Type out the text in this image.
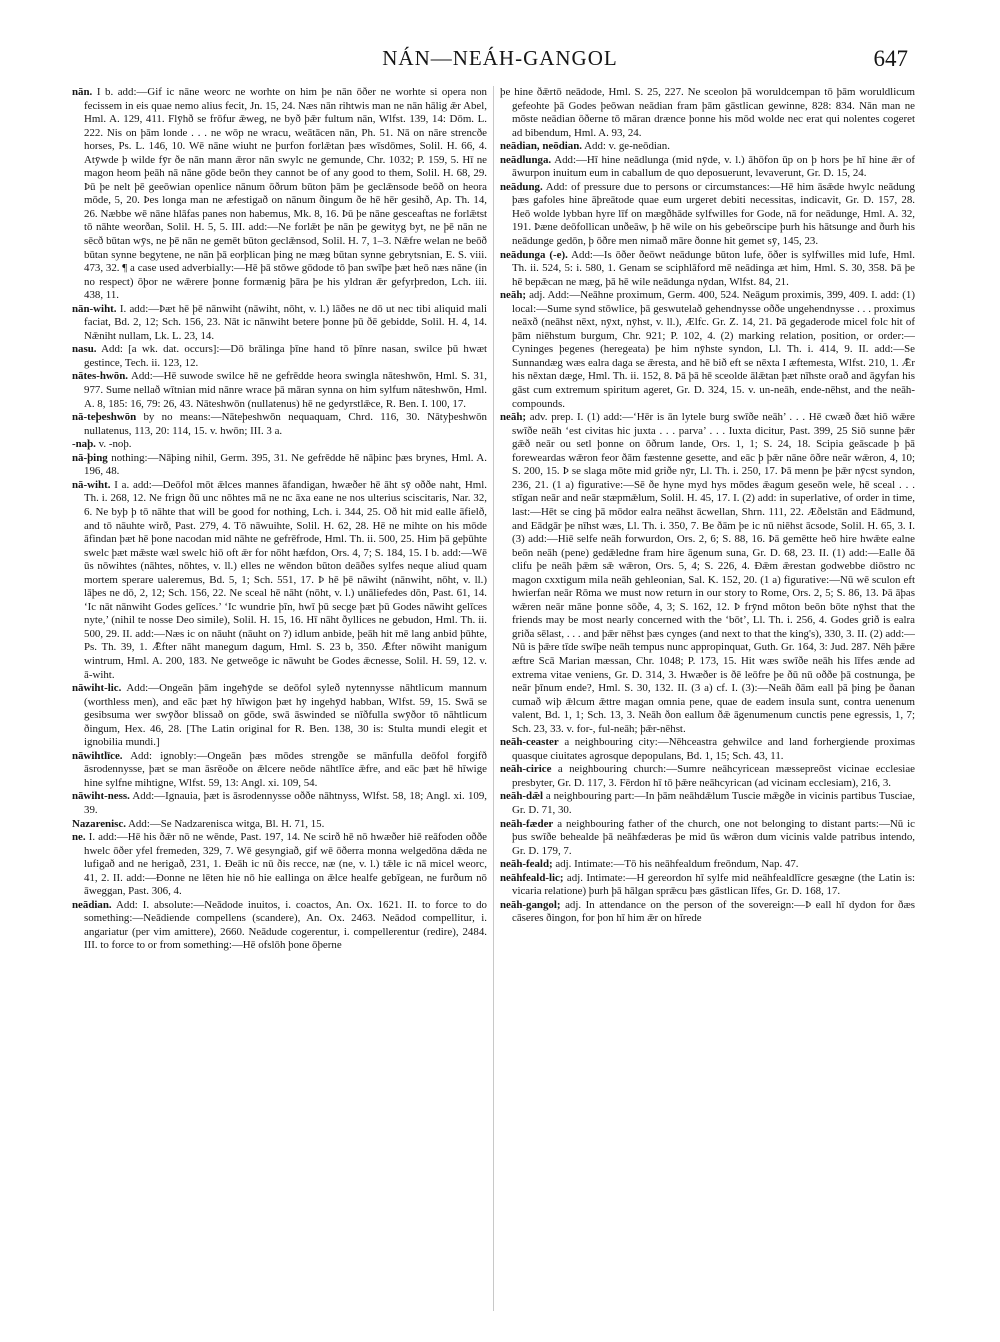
NÁN—NEÁH-GANGOL	647
nān. I b. add:—Gif ic nāne weorc ne worhte on him þe nān ōðer ne worhte si opera non fecissem in eis quae nemo alius fecit, Jn. 15, 24. Næs nān rihtwis man ne nān hālig ǣr Abel, Hml. A. 129, 411. Flȳhð se frōfur ǣweg, ne byð þǣr fultum nān, Wlfst. 139, 14: Dōm. L. 222. Nis on þām londe . . . ne wōp ne wracu, weātācen nān, Ph. 51. Nā on nāre strencðe horses, Ps. L. 146, 10. Wē nāne wiuht ne þurfon forlǣtan þæs wīsdōmes, Solil. H. 66, 4. Atȳwde þ wilde fȳr ðe nān mann ǣror nān swylc ne gemunde, Chr. 1032; P. 159, 5. Hī ne magon heom þeāh nā nāne gōde beōn they cannot be of any good to them, Solil. H. 68, 29. Þū þe nelt þē geeōwian openlice nānum ōðrum būton þām þe geclǣnsode beōð on heora mōde, 5, 20. Þes longa man ne æfestigað on nānum ðingum ðe hē hēr gesihð, Ap. Th. 14, 26. Næbbe wē nāne hlāfas panes non habemus, Mk. 8, 16. Þū þe nāne gesceaftas ne forlǣtst tō nāhte weorðan, Solil. H. 5, 5. III. add:—Ne forlǣt þe nān þe gewityg byt, ne þē nān ne sēcð būtan wȳs, ne þē nān ne gemēt būton geclǣnsod, Solil. H. 7, 1–3. Nǣfre welan ne beōð būtan synne begytene, ne nān þā eorþlican þing ne mæg būtan synne gebrytsnian, E. S. viii. 473, 32. ¶ a case used adverbially:—Hē þā stōwe gōdode tō þan swīþe þæt heō næs nāne (in no respect) ōþor ne wǣrere þonne formænig þāra þe his yldran ǣr gefyrþredon, Lch. iii. 438, 11.
nān-wiht. I. add:—Þæt hē þē nānwiht (nāwiht, nōht, v. l.) lāðes ne dō ut nec tibi aliquid mali faciat, Bd. 2, 12; Sch. 156, 23. Nāt ic nānwiht betere þonne þū ðē gebidde, Solil. H. 4, 14. Nǣniht nullam, Lk. L. 23, 14.
nasu. Add: [a wk. dat. occurs]:—Dō brālinga þīne hand tō þīnre nasan, swilce þū hwæt gestince, Tech. ii. 123, 12.
nātes-hwōn. Add:—Hē suwode swilce hē ne gefrēdde heora swingla nāteshwōn, Hml. S. 31, 977. Sume nellað wītnian mid nānre wrace þā māran synna on him sylfum nāteshwōn, Hml. A. 8, 185: 16, 79: 26, 43. Nāteshwōn (nullatenus) hē ne gedyrstlǣce, R. Ben. I. 100, 17.
nā-teþeshwōn by no means:—Nāteþeshwōn nequaquam, Chrd. 116, 30. Nātyþeshwōn nullatenus, 113, 20: 114, 15. v. hwōn; III. 3 a.
-naþ. v. -noþ.
nā-þing nothing:—Nāþing nihil, Germ. 395, 31. Ne gefrēdde hē nāþinc þæs brynes, Hml. A. 196, 48.
nā-wiht. I a. add:—Deōfol mōt ǣlces mannes āfandigan, hwæðer hē āht sȳ oððe naht, Hml. Th. i. 268, 12. Ne frign ðū unc nōhtes mā ne nc āxa eane ne nos ulterius sciscitaris, Nar. 32, 6. Ne byþ þ tō nāhte that will be good for nothing, Lch. i. 344, 25. Oð hit mid ealle āfielð, and tō nāuhte wirð, Past. 279, 4. Tō nāwuihte, Solil. H. 62, 28. Hē ne mihte on his mōde āfindan þæt hē þone nacodan mid nāhte ne gefrēfrode, Hml. Th. ii. 500, 25. Him þā geþūhte swelc þæt mǣste wæl swelc hiō oft ǣr for nōht hæfdon, Ors. 4, 7; S. 184, 15. I b. add:—Wē ūs nōwihtes (nāhtes, nōhtes, v. ll.) elles ne wēndon būton deāðes sylfes neque aliud quam mortem sperare ualeremus, Bd. 5, 1; Sch. 551, 17. Þ hē þē nāwiht (nānwiht, nōht, v. ll.) lāþes ne dō, 2, 12; Sch. 156, 22. Ne sceal hē nāht (nōht, v. l.) unāliefedes dōn, Past. 61, 14. ‘Ic nāt nānwiht Godes gelīces.’ ‘Ic wundrie þīn, hwī þū secge þæt þū Godes nāwiht gelīces nyte,’ (nihil te nosse Deo simile), Solil. H. 15, 16. Hī nāht ðyllices ne gebudon, Hml. Th. ii. 500, 29. II. add:—Næs ic on nāuht (nāuht on ?) idlum anbide, þeāh hit mē lang anbid þūhte, Ps. Th. 39, 1. Ǣfter nāht manegum dagum, Hml. S. 23 b, 350. Ǣfter nōwiht manigum wintrum, Hml. A. 200, 183. Ne getweōge ic nāwuht be Godes ǣcnesse, Solil. H. 59, 12. v. ā-wiht.
nāwiht-lic. Add:—Ongeān þām ingeħȳde se deōfol syleð nytennysse nāhtlicum mannum (worthless men), and eāc þæt hȳ hīwigon þæt hȳ ingehȳd habban, Wlfst. 59, 15. Swā se gesibsuma wer swȳðor blissað on gōde, swā āswinded se nīðfulla swȳðor tō nāhtlicum ðingum, Hex. 46, 28. [The Latin original for R. Ben. 138, 30 is: Stulta mundi elegit et ignobilia mundi.]
nāwihtlīce. Add: ignobly:—Ongeān þæs mōdes strengðe se mānfulla deōfol forgifð āsrodennysse, þæt se man āsrēoðe on ǣlcere neōde nāhtlīce ǣfre, and eāc þæt hē hīwige hine sylfne mihtigne, Wlfst. 59, 13: Angl. xi. 109, 54.
nāwiht-ness. Add:—Ignauia, þæt is āsrodennysse oððe nāhtnyss, Wlfst. 58, 18; Angl. xi. 109, 39.
Nazarenisc. Add:—Se Nadzarenisca witga, Bl. H. 71, 15.
ne. I. add:—Hē his ðǣr nō ne wēnde, Past. 197, 14. Ne scirð hē nō hwæðer hiē reāfoden oððe hwelc ōðer yfel fremeden, 329, 7. Wē gesyngiað, gif wē ōðerra monna welgedōna dǣda ne lufigað and ne herigað, 231, 1. Ðeāh ic nū ðis recce, næ (ne, v. l.) tǣle ic nā micel weorc, 41, 2. II. add:—Ðonne ne lēten hie nō hie eallinga on ǣlce healfe gebīgean, ne furðum nō āweggan, Past. 306, 4.
neādian. Add: I. absolute:—Neādode inuitos, i. coactos, An. Ox. 1621. II. to force to do something:—Neādiende compellens (scandere), An. Ox. 2463. Neādod compellitur, i. angariatur (per vim amittere), 2660. Neādude cogerentur, i. compellerentur (redire), 2484. III. to force to or from something:—Hē ofslōh þone ōþerne
þe hine ðǣrtō neādode, Hml. S. 25, 227. Ne sceolon þā woruldcempan tō þām woruldlicum gefeohte þā Godes þeōwan neādian fram þām gāstlican gewinne, 828: 834. Nān man ne mōste neādian ōðerne tō māran drænce þonne his mōd wolde nec erat qui nolentes cogeret ad bibendum, Hml. A. 93, 24.
neādian, neōdian. Add: v. ge-neōdian.
neādlunga. Add:—Hī hine neādlunga (mid nȳde, v. l.) āhōfon ūp on þ hors þe hī hine ǣr of āwurpon inuitum eum in caballum de quo deposuerunt, levaverunt, Gr. D. 15, 24.
neādung. Add: of pressure due to persons or circumstances:—Hē him āsǣde hwylc neādung þæs gafoles hine āþreātode quae eum urgeret debiti necessitas, indicavit, Gr. D. 157, 28. Heō wolde lybban hyre līf on mægðhāde sylfwilles for Gode, nā for neādunge, Hml. A. 32, 191. Þæne deōfollican unðeāw, þ hē wile on his gebeōrscipe þurh his hātsunge and ðurh his neādunge gedōn, þ ōðre men nimað māre ðonne hit gemet sȳ, 145, 23.
neādunga (-e). Add:—Is ōðer ðeōwt neādunge būton lufe, ōðer is sylfwilles mid lufe, Hml. Th. ii. 524, 5: i. 580, 1. Genam se sciphlāford mē neādinga æt him, Hml. S. 30, 358. Þā þe hē bepǣcan ne mæg, þā hē wile neādunga nȳdan, Wlfst. 84, 21.
neāh; adj. Add:—Neāhne proximum, Germ. 400, 524. Neāgum proximis, 399, 409. I. add: (1) local:—Sume synd stōwlice, þā geswutelað gehendnysse oððe ungehendnysse . . . proximus neāxð (neāhst nēxt, nȳxt, nȳhst, v. ll.), Ælfc. Gr. Z. 14, 21. Þā gegaderode micel folc hit of þām niēhstum burgum, Chr. 921; P. 102, 4. (2) marking relation, position, or order:—Cyninges þegenes (heregeata) þe him nȳhste syndon, Ll. Th. i. 414, 9. II. add:—Se Sunnandæg wæs ealra daga se ǣresta, and hē bið eft se nēxta I æftemesta, Wlfst. 210, 1. Ǣr his nēxtan dæge, Hml. Th. ii. 152, 8. Þā þā hē sceolde ālǣtan þæt nīhste orað and āgyfan his gāst cum extremum spiritum ageret, Gr. D. 324, 15. v. un-neāh, ende-nēhst, and the neāh- compounds.
neāh; adv. prep. I. (1) add:—‘Hēr is ān lytele burg swīðe neāh’ . . . Hē cwæð ðæt hiō wǣre swīðe neāh ‘est civitas hic juxta . . . parva’ . . . Iuxta dicitur, Past. 399, 25 Siō sunne þǣr gǣð neār ou setl þonne on ōðrum lande, Ors. 1, 1; S. 24, 18. Scipia geāscade þ þā foreweardas wǣron feor ðām fæstenne gesette, and eāc þ þǣr nāne ōðre neār wǣron, 4, 10; S. 200, 15. Þ se slaga mōte mid griðe nȳr, Ll. Th. i. 250, 17. Þā menn þe þǣr nȳcst syndon, 236, 21. (1 a) figurative:—Sē ðe hyne myd hys mōdes ǣagum geseōn wele, hē sceal . . . stīgan neār and neār stæpmǣlum, Solil. H. 45, 17. I. (2) add: in superlative, of order in time, last:—Hēt se cing þā mōdor ealra neāhst ācwellan, Shrn. 111, 22. Æðelstān and Eādmund, and Eādgār þe nīhst wæs, Ll. Th. i. 350, 7. Be ðām þe ic nū niēhst ācsode, Solil. H. 65, 3. I. (3) add:—Hiē selfe neāh forwurdon, Ors. 2, 6; S. 88, 16. Þā gemētte heō hire hwǣte ealne beōn neāh (pene) gedǣledne fram hire āgenum suna, Gr. D. 68, 23. II. (1) add:—Ealle ðā clifu þe neāh þǣm sǣ wǣron, Ors. 5, 4; S. 226, 4. Ðǣm ǣrestan godwebbe diōstro nc magon cxxtigum mila neāh gehleonian, Sal. K. 152, 20. (1 a) figurative:—Nū wē sculon eft hwierfan neār Rōma we must now return in our story to Rome, Ors. 2, 5; S. 86, 13. Þā āþas wǣren neār māne þonne sōðe, 4, 3; S. 162, 12. Þ frȳnd mōton beōn bōte nȳhst that the friends may be most nearly concerned with the ‘bōt’, Ll. Th. i. 256, 4. Godes grið is ealra griða sēlast, . . . and þǣr nēhst þæs cynges (and next to that the king's), 330, 3. II. (2) add:—Nū is þǣre tīde swīþe neāh tempus nunc appropinquat, Guth. Gr. 164, 3: Jud. 287. Nēh þǣre æftre Scā Marian mæssan, Chr. 1048; P. 173, 15. Hit wæs swīðe neāh his līfes ænde ad extrema vitae veniens, Gr. D. 314, 3. Hwæðer is ðē leōfre þe ðū nū oððe þā costnunga, þe neār þīnum ende?, Hml. S. 30, 132. II. (3 a) cf. I. (3):—Neāh ðām eall þā þing þe ðanan cumað wiþ ǣlcum ǣttre magan omnia pene, quae de eadem insula sunt, contra uenenum valent, Bd. 1, 1; Sch. 13, 3. Neāh ðon eallum ðǣ āgenumenum cunctis pene egressis, 1, 7; Sch. 23, 33. v. for-, ful-neāh; þǣr-nēhst.
neāh-ceaster a neighbouring city:—Nēhceastra gehwilce and land forhergiende proximas quasque ciuitates agrosque depopulans, Bd. 1, 15; Sch. 43, 11.
neāh-cirice a neighbouring church:—Sumre neāhcyricean mæssepreōst vicinae ecclesiae presbyter, Gr. D. 117, 3. Fērdon hī tō þǣre neāhcyrican (ad vicinam ecclesiam), 216, 3.
neāh-dǣl a neighbouring part:—In þām neāhdǣlum Tuscie mǣgðe in vicinis partibus Tusciae, Gr. D. 71, 30.
neāh-fæder a neighbouring father of the church, one not belonging to distant parts:—Nū ic þus swīðe behealde þā neāhfæderas þe mid ūs wǣron dum vicinis valde patribus intendo, Gr. D. 179, 7.
neāh-feald; adj. Intimate:—Tō his neāhfealdum freōndum, Nap. 47.
neāhfeald-lic; adj. Intimate:—H gereordon hī sylfe mid neāhfealdlīcre gesægne (the Latin is: vicaria relatione) þurh þā hālgan sprǣcu þæs gāstlican līfes, Gr. D. 168, 17.
neāh-gangol; adj. In attendance on the person of the sovereign:—Þ eall hī dydon for ðæs cāseres ðingon, for þon hī him ǣr on hīrede
